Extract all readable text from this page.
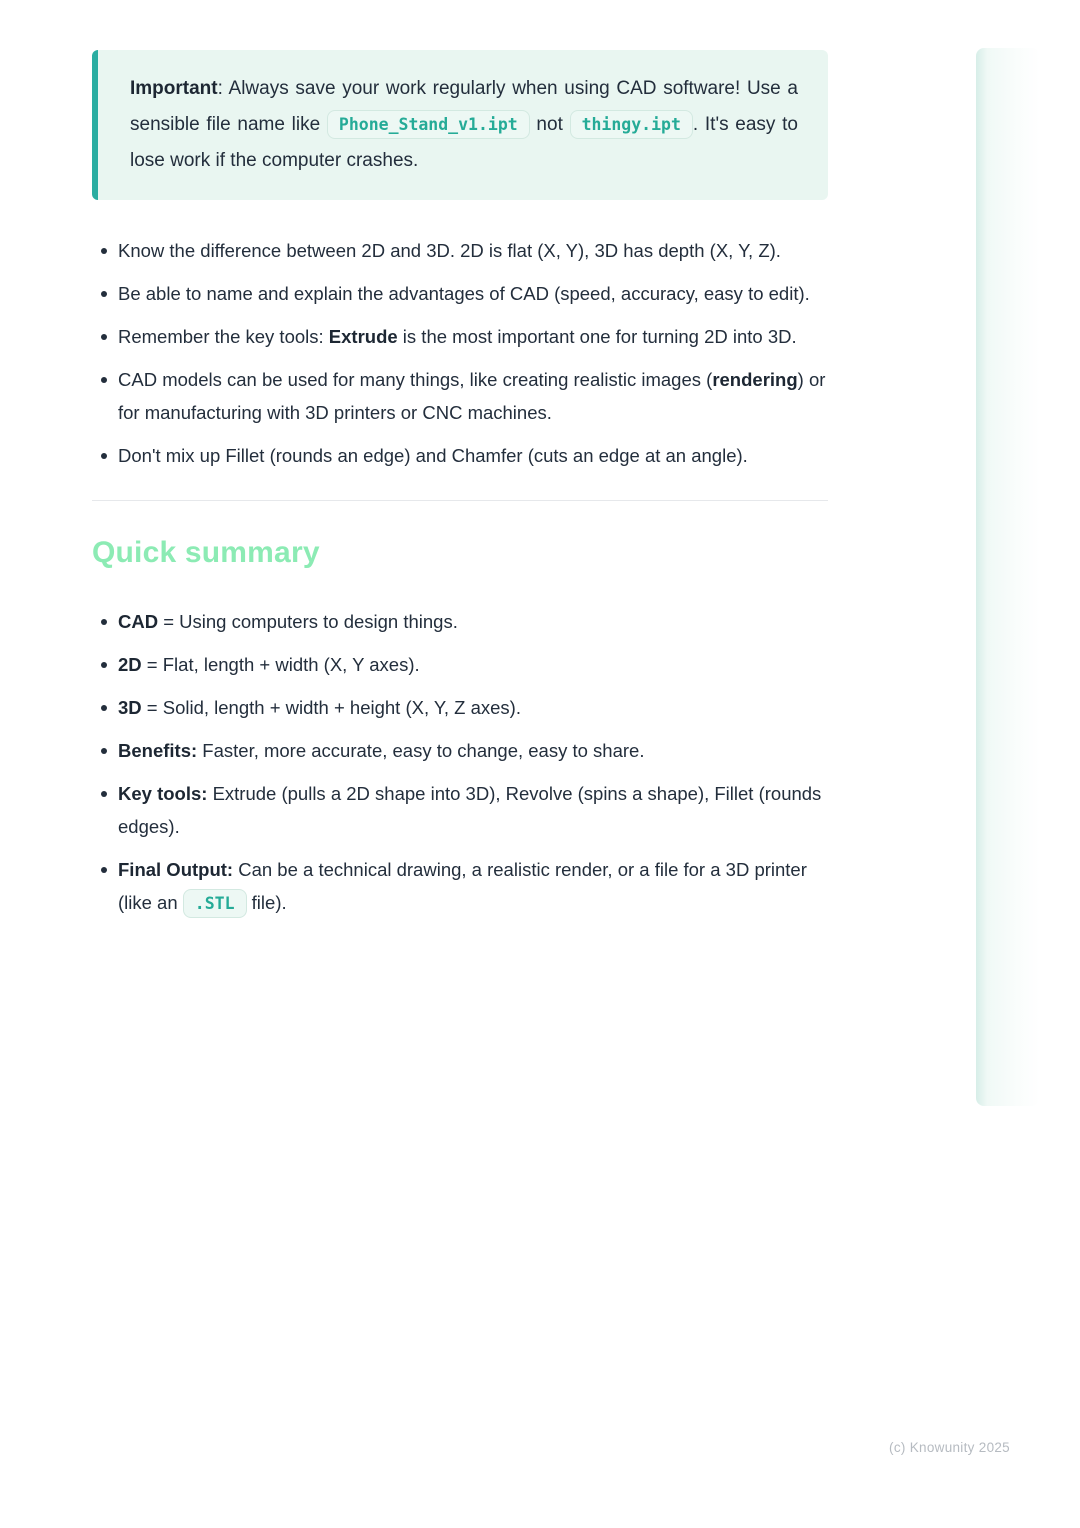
Important: Always save your work regularly when using CAD software! Use a sensible file name like Phone_Stand_v1.ipt not thingy.ipt . It's easy to lose work if the computer crashes.

Know the difference between 2D and 3D. 2D is flat (X, Y), 3D has depth (X, Y, Z).
Be able to name and explain the advantages of CAD (speed, accuracy, easy to edit).
Remember the key tools: Extrude is the most important one for turning 2D into 3D.
CAD models can be used for many things, like creating realistic images (rendering) or for manufacturing with 3D printers or CNC machines.
Don't mix up Fillet (rounds an edge) and Chamfer (cuts an edge at an angle).
Quick summary
CAD = Using computers to design things.
2D = Flat, length + width (X, Y axes).
3D = Solid, length + width + height (X, Y, Z axes).
Benefits: Faster, more accurate, easy to change, easy to share.
Key tools: Extrude (pulls a 2D shape into 3D), Revolve (spins a shape), Fillet (rounds edges).
Final Output: Can be a technical drawing, a realistic render, or a file for a 3D printer (like an .STL file).
(c) Knowunity 2025
